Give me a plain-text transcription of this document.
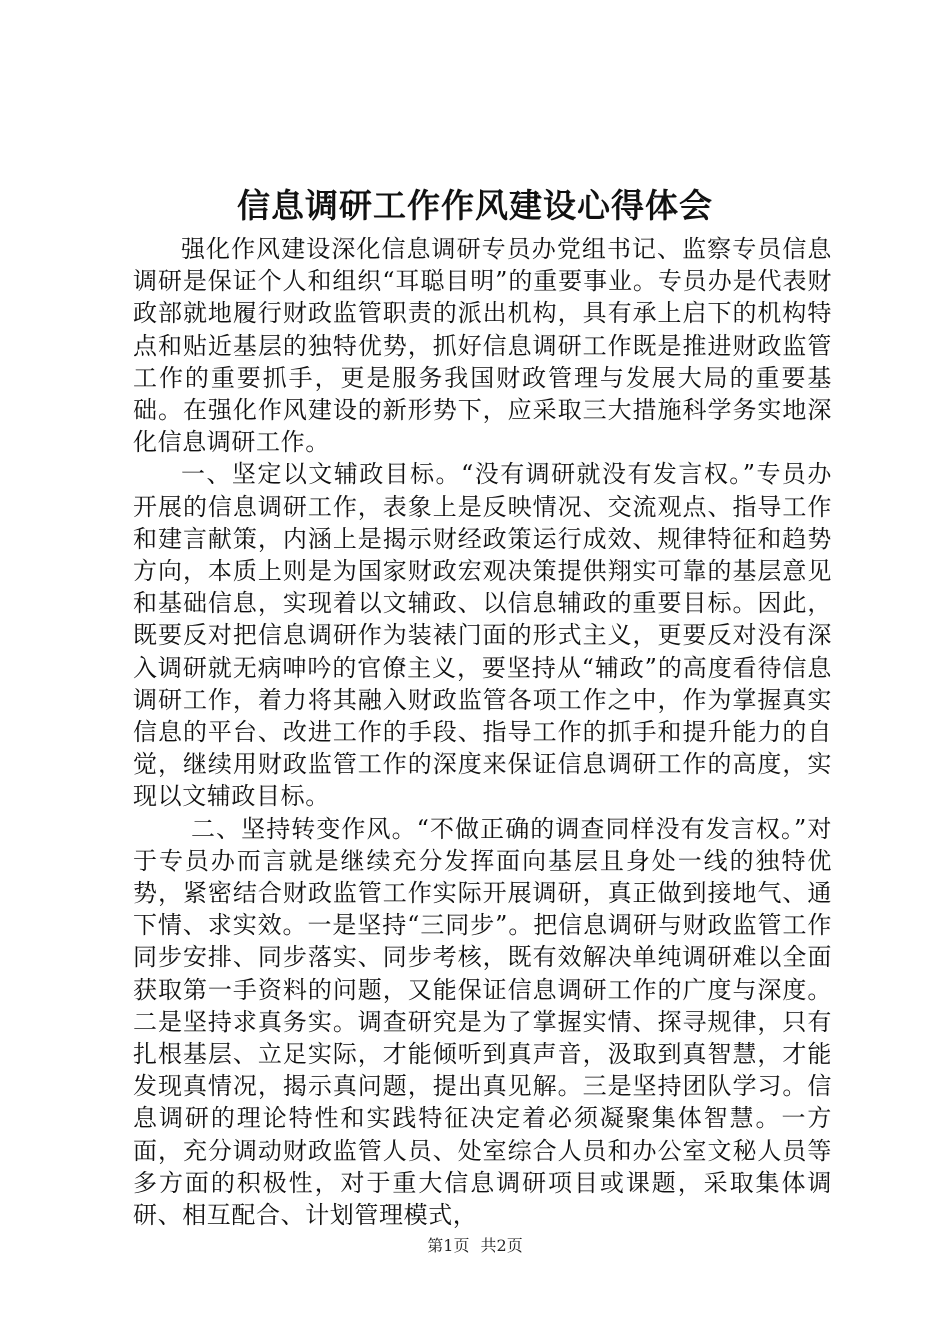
信息调研工作作风建设心得体会

强化作风建设深化信息调研专员办党组书记、监察专员信息调研是保证个人和组织“耳聪目明”的重要事业。专员办是代表财政部就地履行财政监管职责的派出机构，具有承上启下的机构特点和贴近基层的独特优势，抓好信息调研工作既是推进财政监管工作的重要抓手，更是服务我国财政管理与发展大局的重要基础。在强化作风建设的新形势下，应采取三大措施科学务实地深化信息调研工作。

一、坚定以文辅政目标。“没有调研就没有发言权。”专员办开展的信息调研工作，表象上是反映情况、交流观点、指导工作和建言献策，内涵上是揭示财经政策运行成效、规律特征和趋势方向，本质上则是为国家财政宏观决策提供翔实可靠的基层意见和基础信息，实现着以文辅政、以信息辅政的重要目标。因此，既要反对把信息调研作为装裱门面的形式主义，更要反对没有深入调研就无病呻吟的官僚主义，要坚持从“辅政”的高度看待信息调研工作，着力将其融入财政监管各项工作之中，作为掌握真实信息的平台、改进工作的手段、指导工作的抓手和提升能力的自觉，继续用财政监管工作的深度来保证信息调研工作的高度，实现以文辅政目标。

二、坚持转变作风。“不做正确的调查同样没有发言权。”对于专员办而言就是继续充分发挥面向基层且身处一线的独特优势，紧密结合财政监管工作实际开展调研，真正做到接地气、通下情、求实效。一是坚持“三同步”。把信息调研与财政监管工作同步安排、同步落实、同步考核，既有效解决单纯调研难以全面获取第一手资料的问题，又能保证信息调研工作的广度与深度。二是坚持求真务实。调查研究是为了掌握实情、探寻规律，只有扎根基层、立足实际，才能倾听到真声音，汲取到真智慧，才能发现真情况，揭示真问题，提出真见解。三是坚持团队学习。信息调研的理论特性和实践特征决定着必须凝聚集体智慧。一方面，充分调动财政监管人员、处室综合人员和办公室文秘人员等多方面的积极性，对于重大信息调研项目或课题，采取集体调研、相互配合、计划管理模式，

第1页 共2页
